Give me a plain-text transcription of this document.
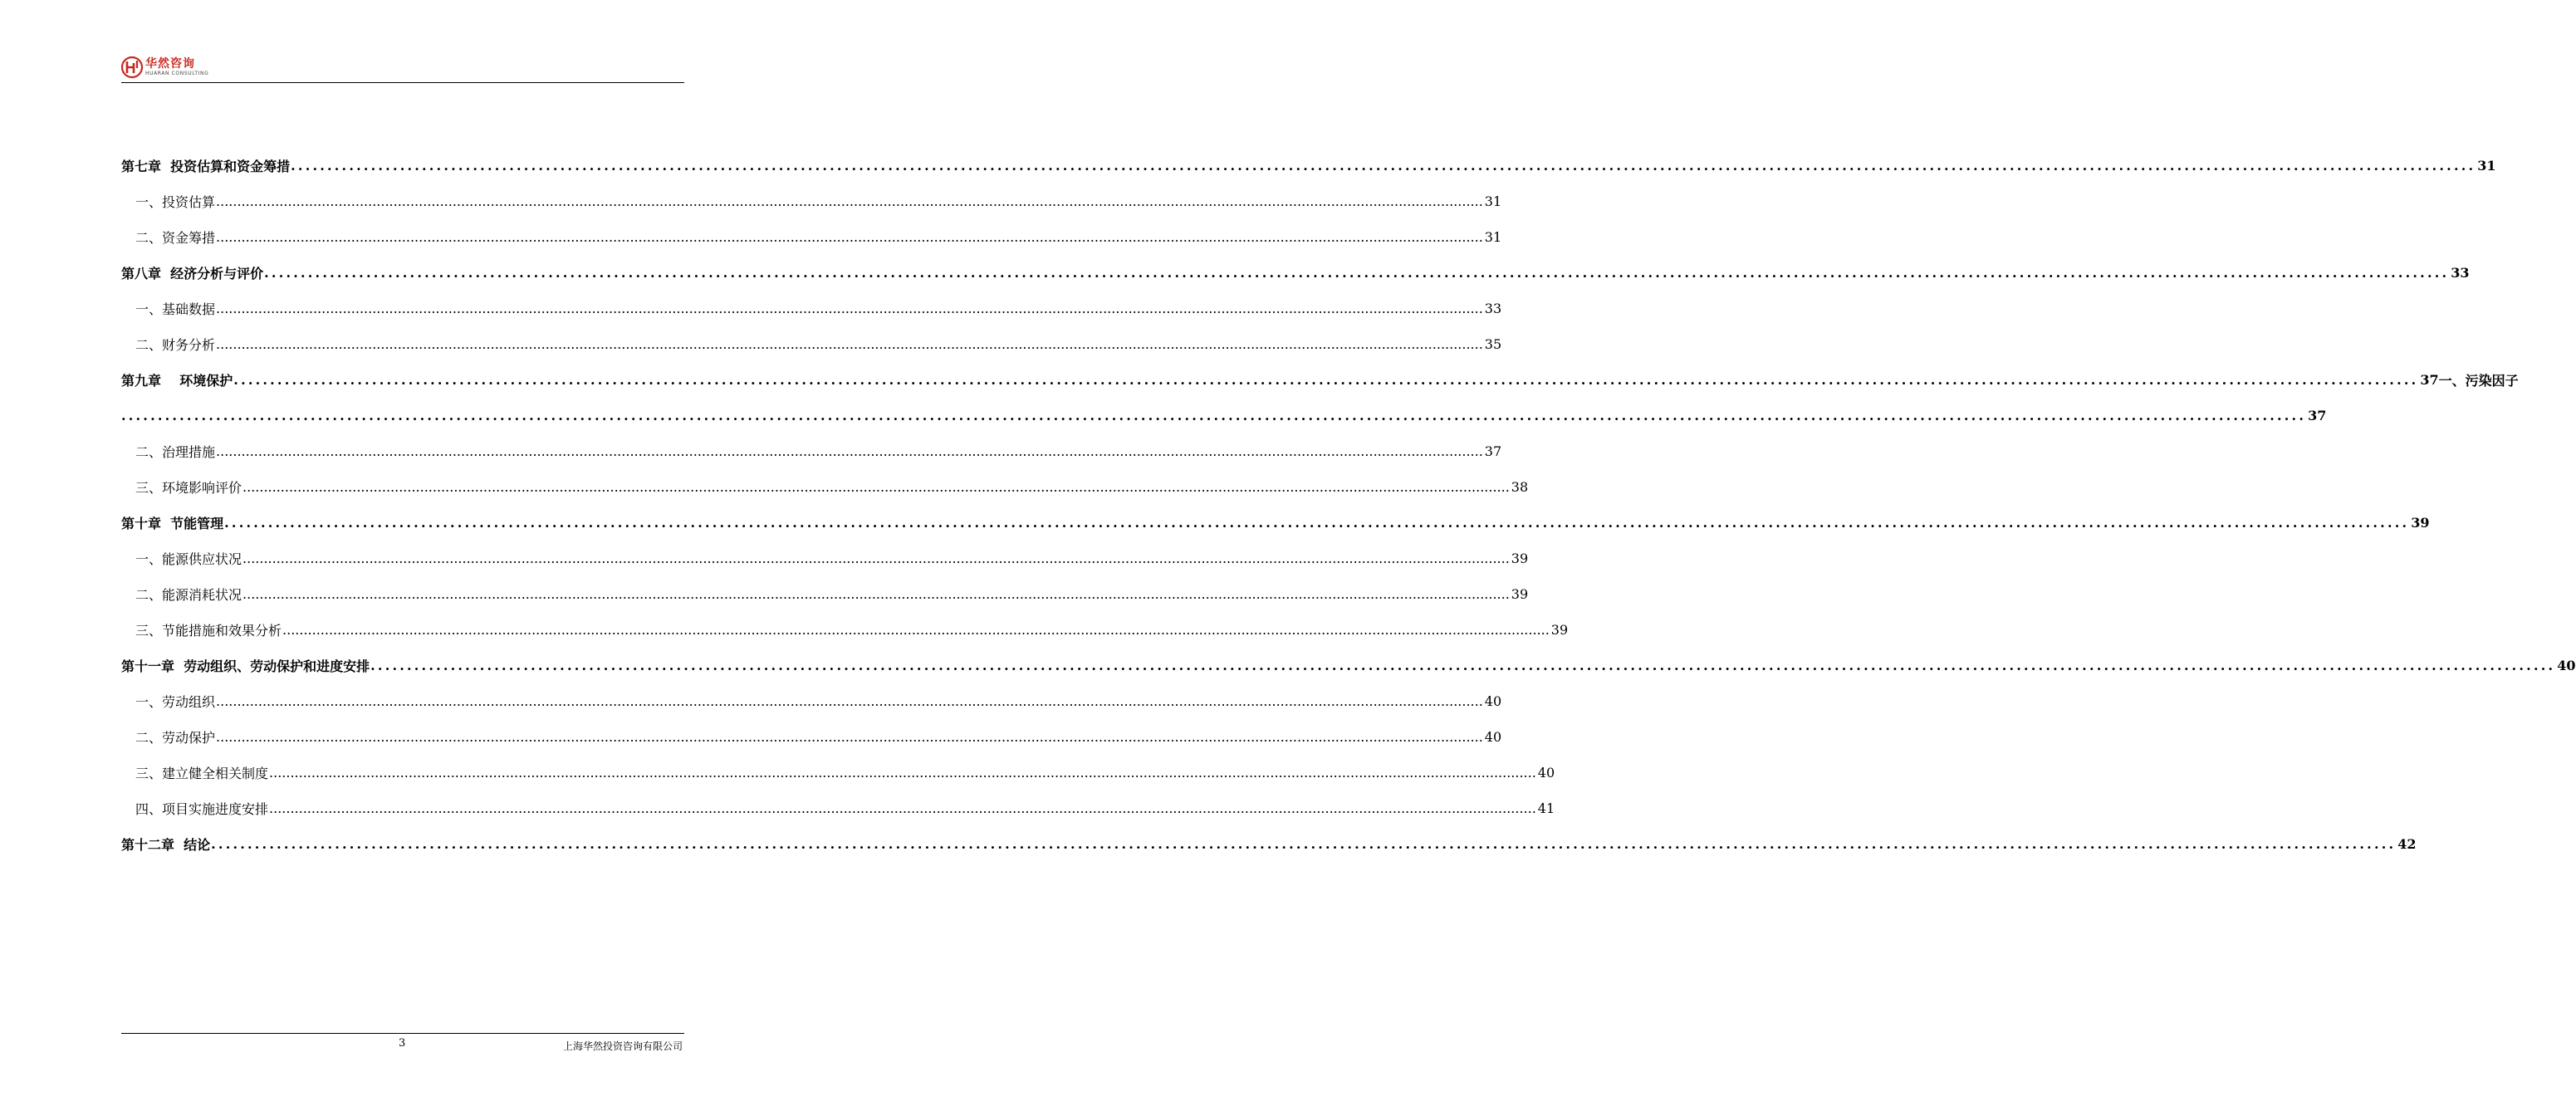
华然咨询
HUARAN CONSULTING
第七章  投资估算和资金筹措 ............................................................................................................................................................................................................................................................................................................ 31
一、投资估算 ............................................................................................................................................................................................................................................................................................................ 31
二、资金筹措 ............................................................................................................................................................................................................................................................................................................ 31
第八章  经济分析与评价 ............................................................................................................................................................................................................................................................................................................ 33
一、基础数据 ............................................................................................................................................................................................................................................................................................................ 33
二、财务分析 ............................................................................................................................................................................................................................................................................................................ 35
第九章    环境保护 ............................................................................................................................................................................................................................................................................................................ 37 一、污染因子
............................................................................................................................................................................................................................................................................................................ 37
二、治理措施 ............................................................................................................................................................................................................................................................................................................ 37
三、环境影响评价 ............................................................................................................................................................................................................................................................................................................ 38
第十章  节能管理 ............................................................................................................................................................................................................................................................................................................ 39
一、能源供应状况 ............................................................................................................................................................................................................................................................................................................ 39
二、能源消耗状况 ............................................................................................................................................................................................................................................................................................................ 39
三、节能措施和效果分析 ............................................................................................................................................................................................................................................................................................................ 39
第十一章  劳动组织、劳动保护和进度安排 ............................................................................................................................................................................................................................................................................................................ 40
一、劳动组织 ............................................................................................................................................................................................................................................................................................................ 40
二、劳动保护 ............................................................................................................................................................................................................................................................................................................ 40
三、建立健全相关制度 ............................................................................................................................................................................................................................................................................................................ 40
四、项目实施进度安排 ............................................................................................................................................................................................................................................................................................................ 41
第十二章  结论 ............................................................................................................................................................................................................................................................................................................ 42
3	上海华然投资咨询有限公司
